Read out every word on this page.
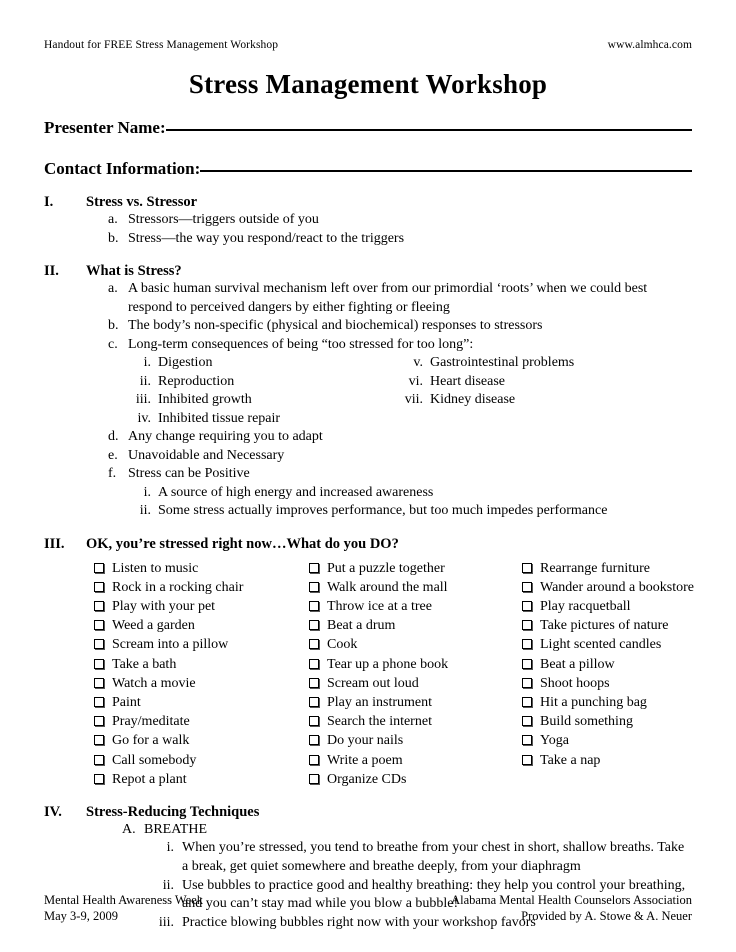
Handout for FREE Stress Management Workshop	www.almhca.com
Stress Management Workshop
Presenter Name:
Contact Information:
I.	Stress vs. Stressor
a. Stressors—triggers outside of you
b. Stress—the way you respond/react to the triggers
II.	What is Stress?
a. A basic human survival mechanism left over from our primordial ‘roots’ when we could best respond to perceived dangers by either fighting or fleeing
b. The body’s non-specific (physical and biochemical) responses to stressors
c. Long-term consequences of being “too stressed for too long”:
i. Digestion
ii. Reproduction
iii. Inhibited growth
iv. Inhibited tissue repair
v. Gastrointestinal problems
vi. Heart disease
vii. Kidney disease
d. Any change requiring you to adapt
e. Unavoidable and Necessary
f. Stress can be Positive
i. A source of high energy and increased awareness
ii. Some stress actually improves performance, but too much impedes performance
III.	OK, you’re stressed right now…What do you DO?
Listen to music
Rock in a rocking chair
Play with your pet
Weed a garden
Scream into a pillow
Take a bath
Watch a movie
Paint
Pray/meditate
Go for a walk
Call somebody
Repot a plant
Put a puzzle together
Walk around the mall
Throw ice at a tree
Beat a drum
Cook
Tear up a phone book
Scream out loud
Play an instrument
Search the internet
Do your nails
Write a poem
Organize CDs
Rearrange furniture
Wander around a bookstore
Play racquetball
Take pictures of nature
Light scented candles
Beat a pillow
Shoot hoops
Hit a punching bag
Build something
Yoga
Take a nap
IV.	Stress-Reducing Techniques
A. BREATHE
i. When you’re stressed, you tend to breathe from your chest in short, shallow breaths. Take a break, get quiet somewhere and breathe deeply, from your diaphragm
ii. Use bubbles to practice good and healthy breathing: they help you control your breathing, and you can’t stay mad while you blow a bubble!
iii. Practice blowing bubbles right now with your workshop favors
Mental Health Awareness Week
May 3-9, 2009
Alabama Mental Health Counselors Association
Provided by A. Stowe & A. Neuer
